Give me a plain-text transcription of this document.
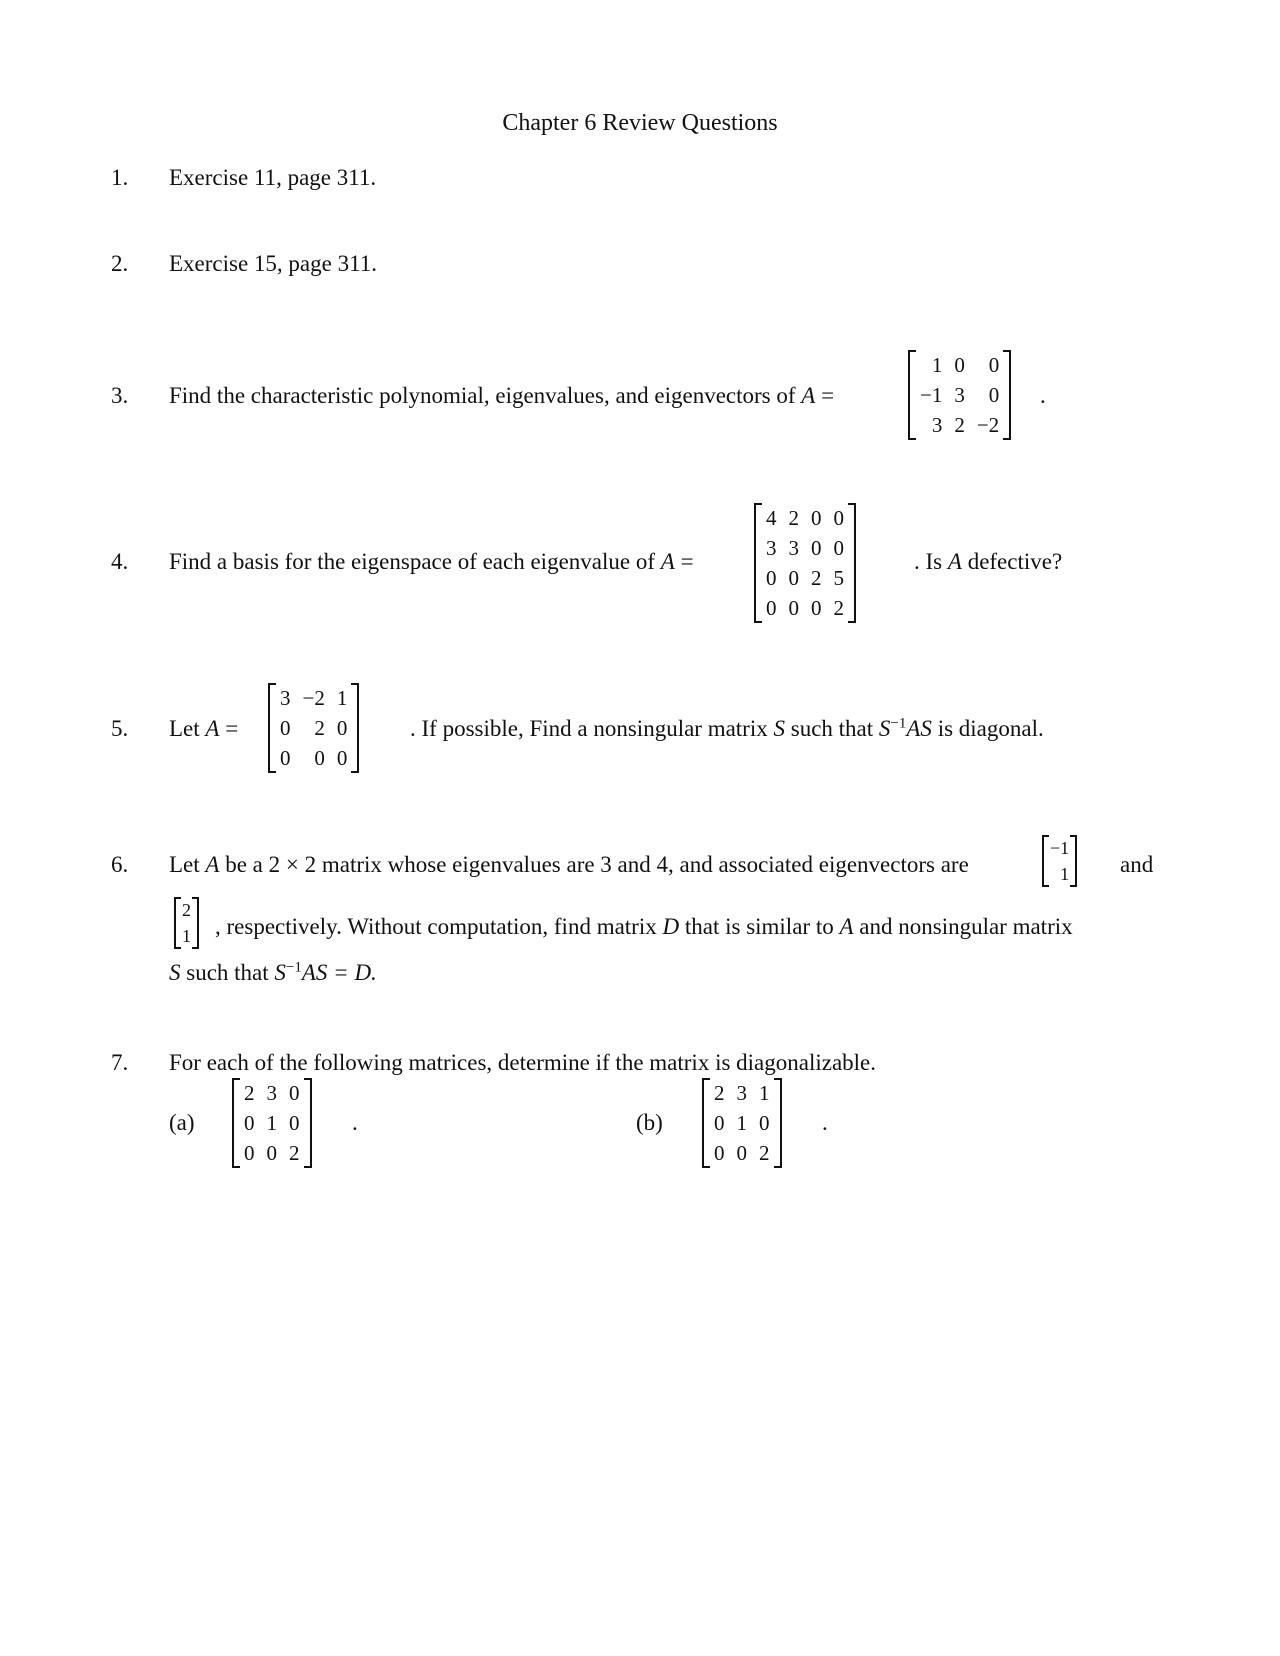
Chapter 6 Review Questions
1. Exercise 11, page 311.
2. Exercise 15, page 311.
3. Find the characteristic polynomial, eigenvalues, and eigenvectors of A =
1 0	0
−1 3	0
3 2 −2
.
4. Find a basis for the eigenspace of each eigenvalue of A =
4 2 0 0
3 3 0 0
0 0 2 5
0 0 0 2
. Is A defective?
5. Let A =
3 −2 1
0	2 0
0	0 0
. If possible, Find a nonsingular matrix S such that $S^{-1}AS$ is diagonal.
6. Let A be a 2 × 2 matrix whose eigenvalues are 3 and 4, and associated eigenvectors are
−1
1 and
2
1 , respectively. Without computation, find matrix D that is similar to A and nonsingular matrix
S such that $S^{-1}AS = D$.
7. For each of the following matrices, determine if the matrix is diagonalizable.
(a)
2 3 0
0 1 0
0 0 2
.	(b)
2 3 1
0 1 0
0 0 2
.
